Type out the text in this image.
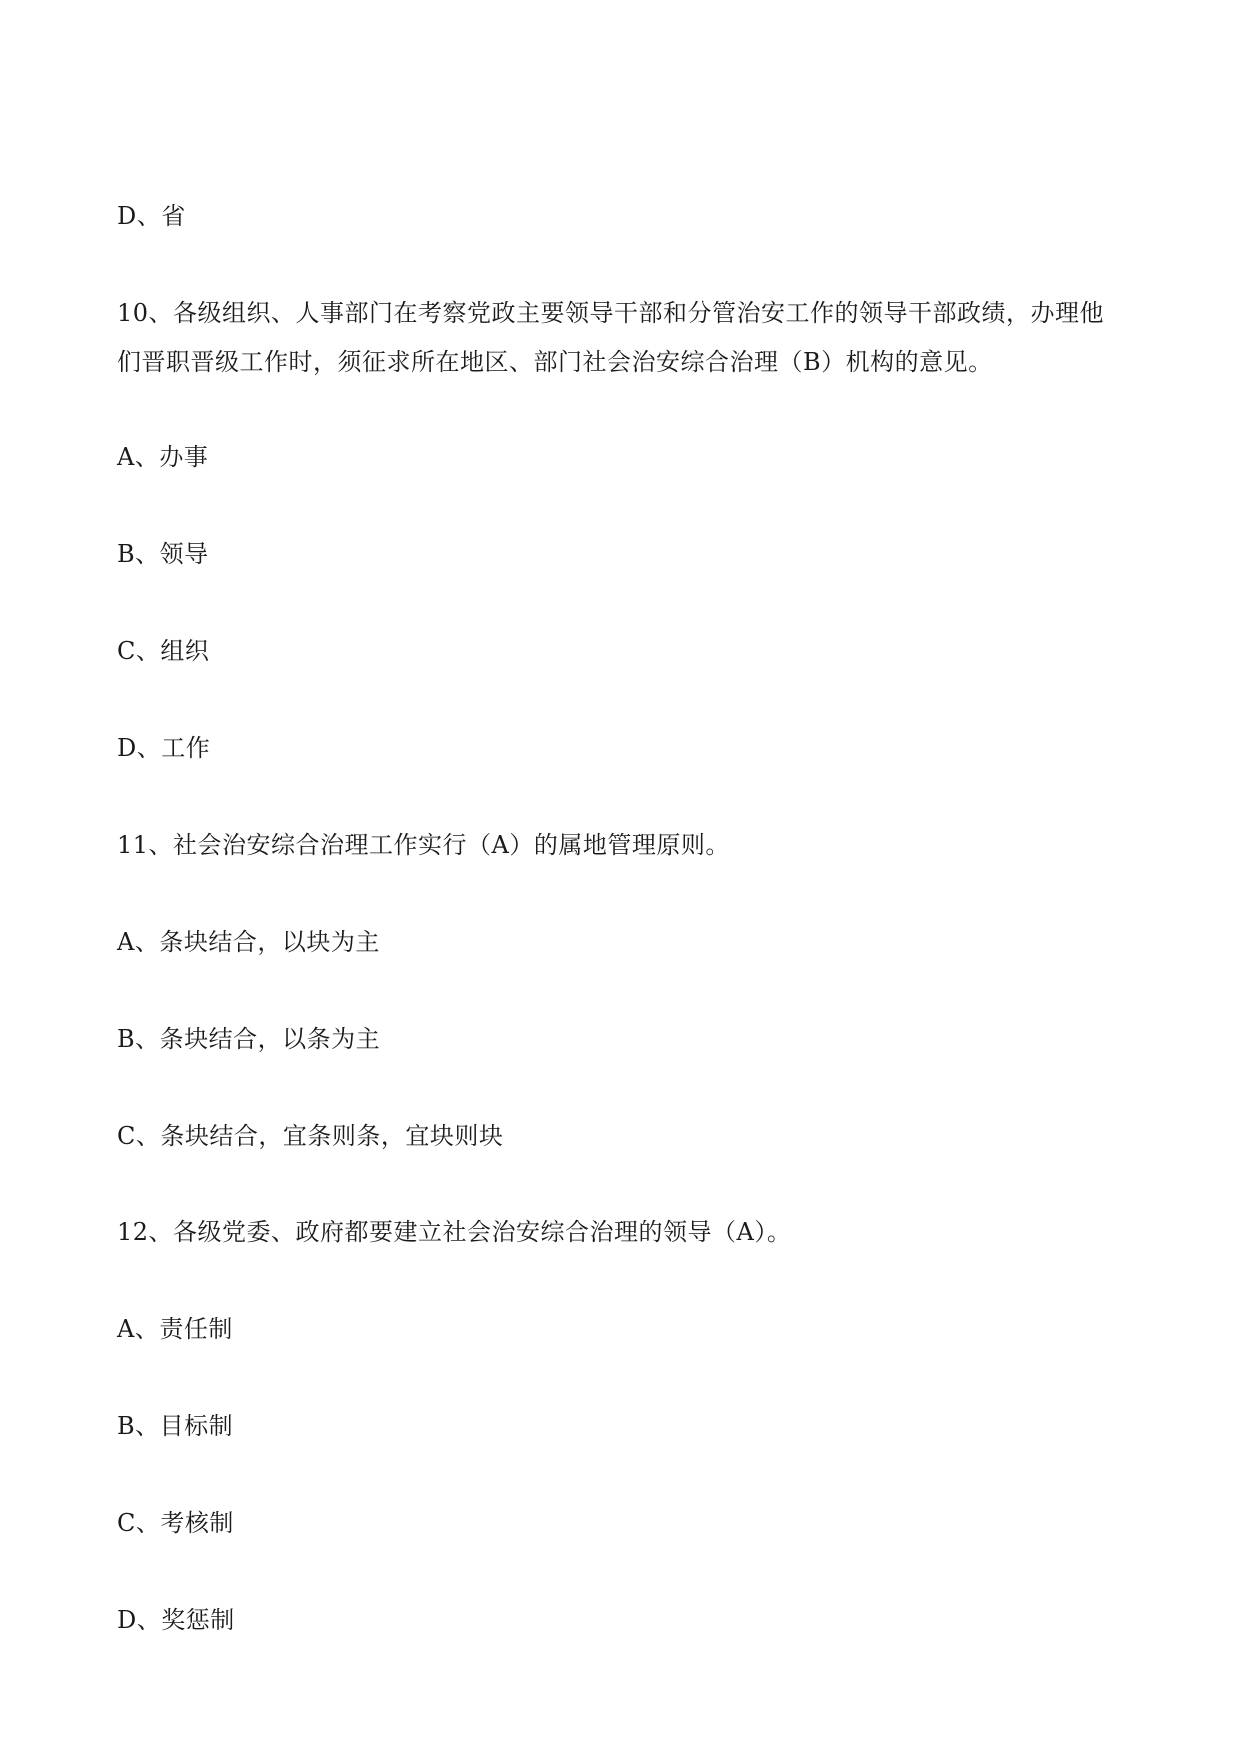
D、省

10、各级组织、人事部门在考察党政主要领导干部和分管治安工作的领导干部政绩，办理他

们晋职晋级工作时，须征求所在地区、部门社会治安综合治理（B）机构的意见。

A、办事

B、领导

C、组织

D、工作

11、社会治安综合治理工作实行（A）的属地管理原则。

A、条块结合，以块为主

B、条块结合，以条为主

C、条块结合，宜条则条，宜块则块

12、各级党委、政府都要建立社会治安综合治理的领导（A）。

A、责任制

B、目标制

C、考核制

D、奖惩制
